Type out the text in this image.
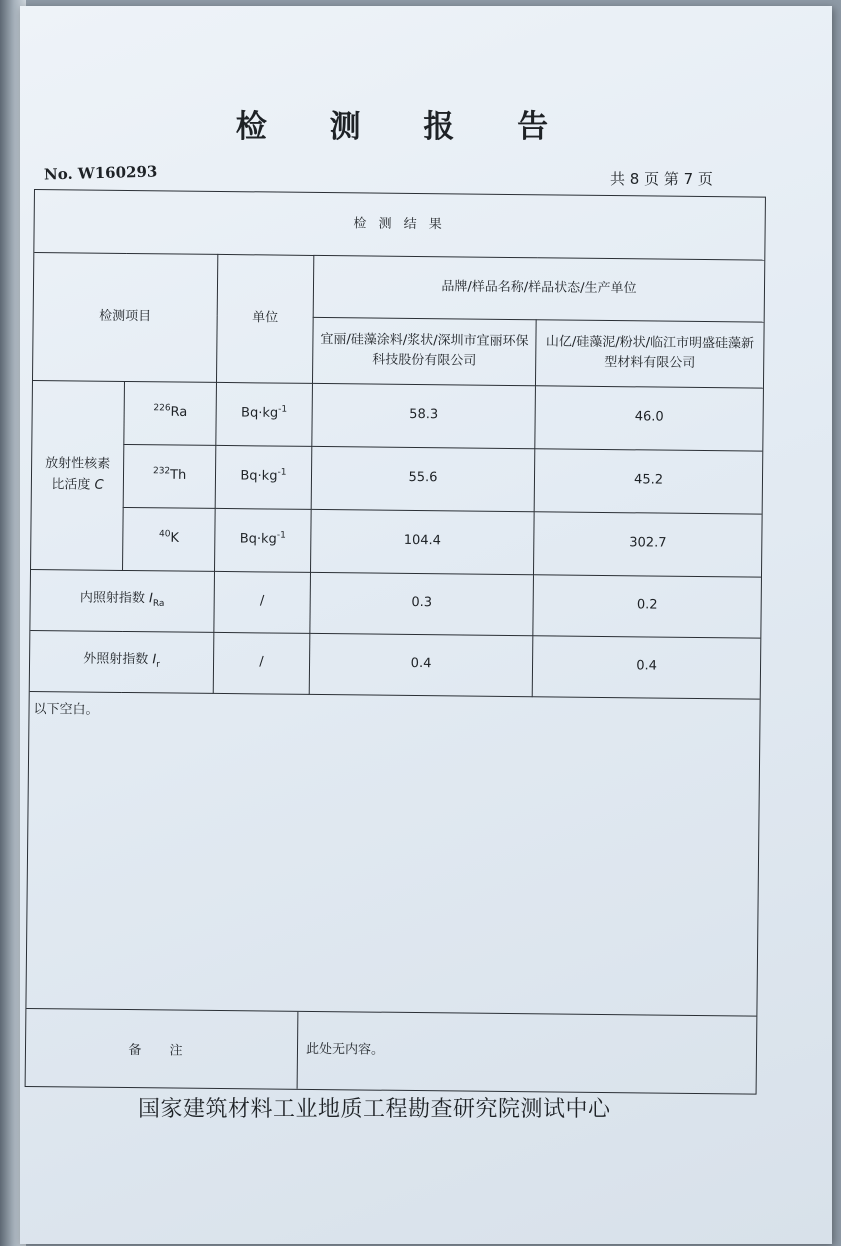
检 测 报 告
No. W160293	共 8 页 第 7 页
检 测 结 果				
检测项目		单位	品牌/样品名称/样品状态/生产单位	
			宜丽/硅藻涂料/浆状/深圳市宜丽环保科技股份有限公司	山亿/硅藻泥/粉状/临江市明盛硅藻新型材料有限公司
放射性核素
比活度 C	$^{226}$Ra	$Bq\cdot kg^{-1}$	58.3	46.0
	$^{232}$Th	$Bq\cdot kg^{-1}$	55.6	45.2
	$^{40}$K	$Bq\cdot kg^{-1}$	104.4	302.7
内照射指数 $I_{Ra}$		/	0.3	0.2
外照射指数 $I_r$		/	0.4	0.4
以下空白。
备 注	此处无内容。
国家建筑材料工业地质工程勘查研究院测试中心
